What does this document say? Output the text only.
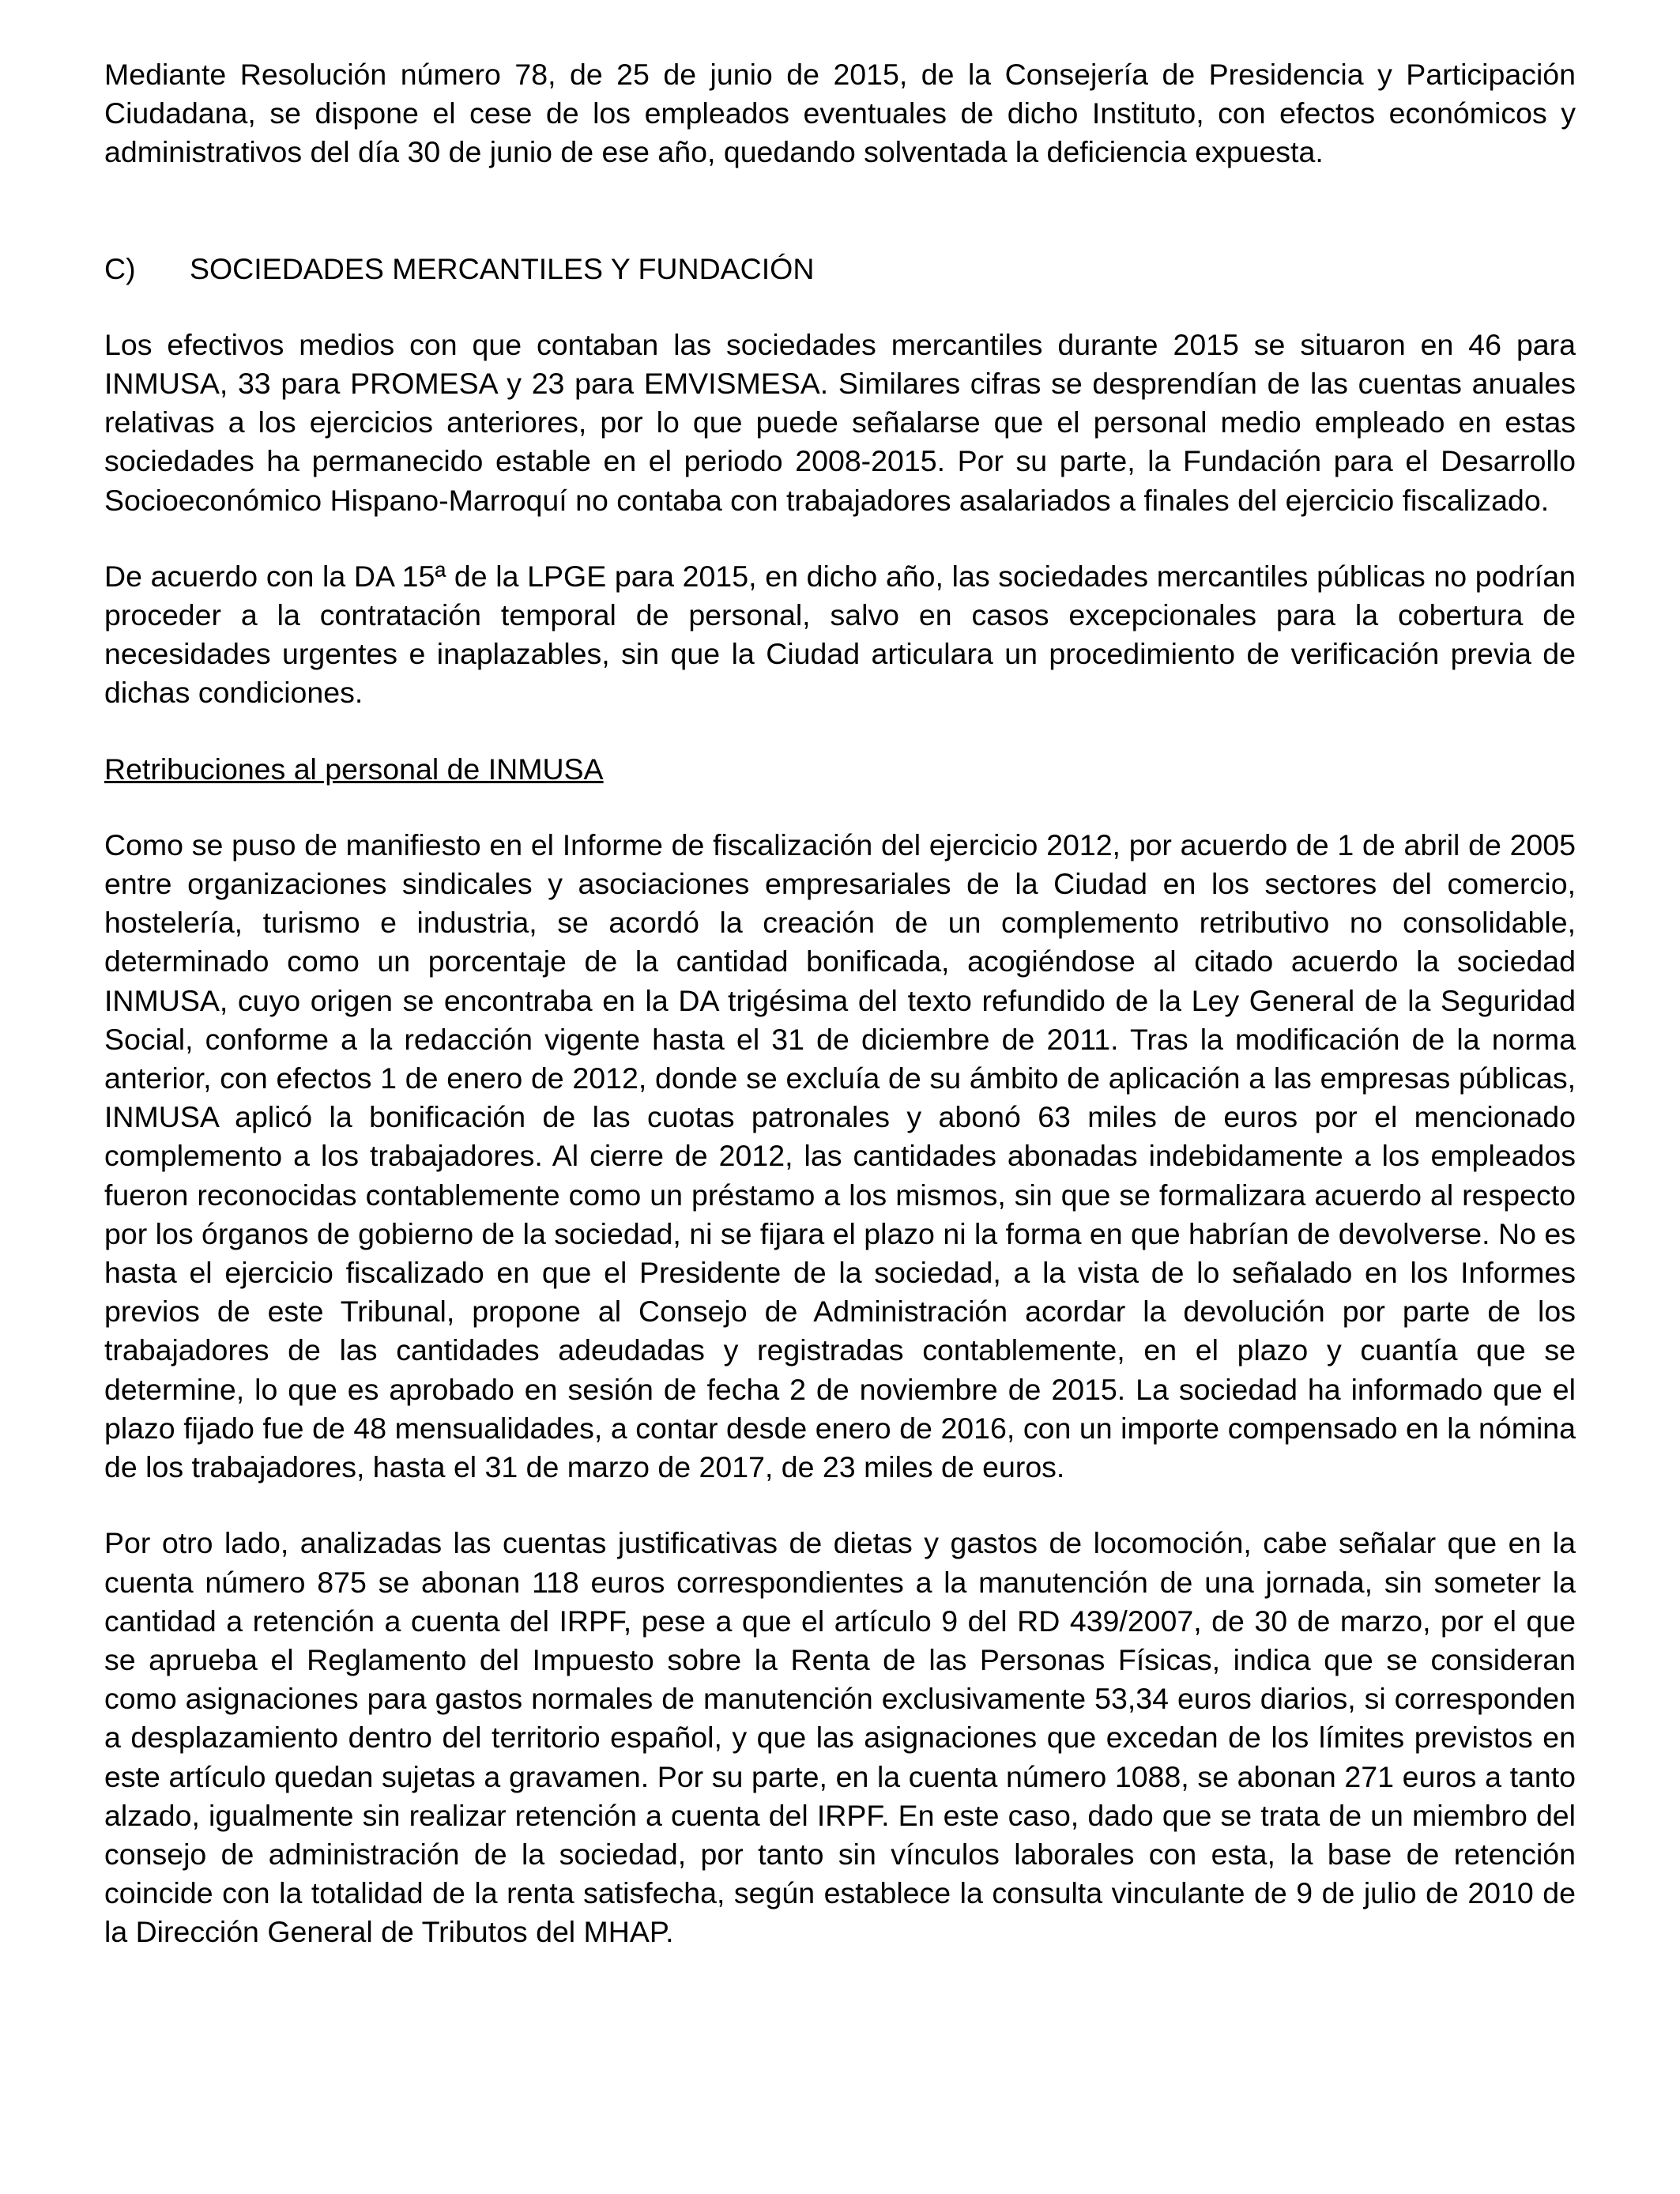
Mediante Resolución número 78, de 25 de junio de 2015, de la Consejería de Presidencia y Participación Ciudadana, se dispone el cese de los empleados eventuales de dicho Instituto, con efectos económicos y administrativos del día 30 de junio de ese año, quedando solventada la deficiencia expuesta.

C)	SOCIEDADES MERCANTILES Y FUNDACIÓN

Los efectivos medios con que contaban las sociedades mercantiles durante 2015 se situaron en 46 para INMUSA, 33 para PROMESA y 23 para EMVISMESA. Similares cifras se desprendían de las cuentas anuales relativas a los ejercicios anteriores, por lo que puede señalarse que el personal medio empleado en estas sociedades ha permanecido estable en el periodo 2008-2015. Por su parte, la Fundación para el Desarrollo Socioeconómico Hispano-Marroquí no contaba con trabajadores asalariados a finales del ejercicio fiscalizado.

De acuerdo con la DA 15ª de la LPGE para 2015, en dicho año, las sociedades mercantiles públicas no podrían proceder a la contratación temporal de personal, salvo en casos excepcionales para la cobertura de necesidades urgentes e inaplazables, sin que la Ciudad articulara un procedimiento de verificación previa de dichas condiciones.

Retribuciones al personal de INMUSA

Como se puso de manifiesto en el Informe de fiscalización del ejercicio 2012, por acuerdo de 1 de abril de 2005 entre organizaciones sindicales y asociaciones empresariales de la Ciudad en los sectores del comercio, hostelería, turismo e industria, se acordó la creación de un complemento retributivo no consolidable, determinado como un porcentaje de la cantidad bonificada, acogiéndose al citado acuerdo la sociedad INMUSA, cuyo origen se encontraba en la DA trigésima del texto refundido de la Ley General de la Seguridad Social, conforme a la redacción vigente hasta el 31 de diciembre de 2011. Tras la modificación de la norma anterior, con efectos 1 de enero de 2012, donde se excluía de su ámbito de aplicación a las empresas públicas, INMUSA aplicó la bonificación de las cuotas patronales y abonó 63 miles de euros por el mencionado complemento a los trabajadores. Al cierre de 2012, las cantidades abonadas indebidamente a los empleados fueron reconocidas contablemente como un préstamo a los mismos, sin que se formalizara acuerdo al respecto por los órganos de gobierno de la sociedad, ni se fijara el plazo ni la forma en que habrían de devolverse. No es hasta el ejercicio fiscalizado en que el Presidente de la sociedad, a la vista de lo señalado en los Informes previos de este Tribunal, propone al Consejo de Administración acordar la devolución por parte de los trabajadores de las cantidades adeudadas y registradas contablemente, en el plazo y cuantía que se determine, lo que es aprobado en sesión de fecha 2 de noviembre de 2015. La sociedad ha informado que el plazo fijado fue de 48 mensualidades, a contar desde enero de 2016, con un importe compensado en la nómina de los trabajadores, hasta el 31 de marzo de 2017, de 23 miles de euros.

Por otro lado, analizadas las cuentas justificativas de dietas y gastos de locomoción, cabe señalar que en la cuenta número 875 se abonan 118 euros correspondientes a la manutención de una jornada, sin someter la cantidad a retención a cuenta del IRPF, pese a que el artículo 9 del RD 439/2007, de 30 de marzo, por el que se aprueba el Reglamento del Impuesto sobre la Renta de las Personas Físicas, indica que se consideran como asignaciones para gastos normales de manutención exclusivamente 53,34 euros diarios, si corresponden a desplazamiento dentro del territorio español, y que las asignaciones que excedan de los límites previstos en este artículo quedan sujetas a gravamen. Por su parte, en la cuenta número 1088, se abonan 271 euros a tanto alzado, igualmente sin realizar retención a cuenta del IRPF. En este caso, dado que se trata de un miembro del consejo de administración de la sociedad, por tanto sin vínculos laborales con esta, la base de retención coincide con la totalidad de la renta satisfecha, según establece la consulta vinculante de 9 de julio de 2010 de la Dirección General de Tributos del MHAP.
